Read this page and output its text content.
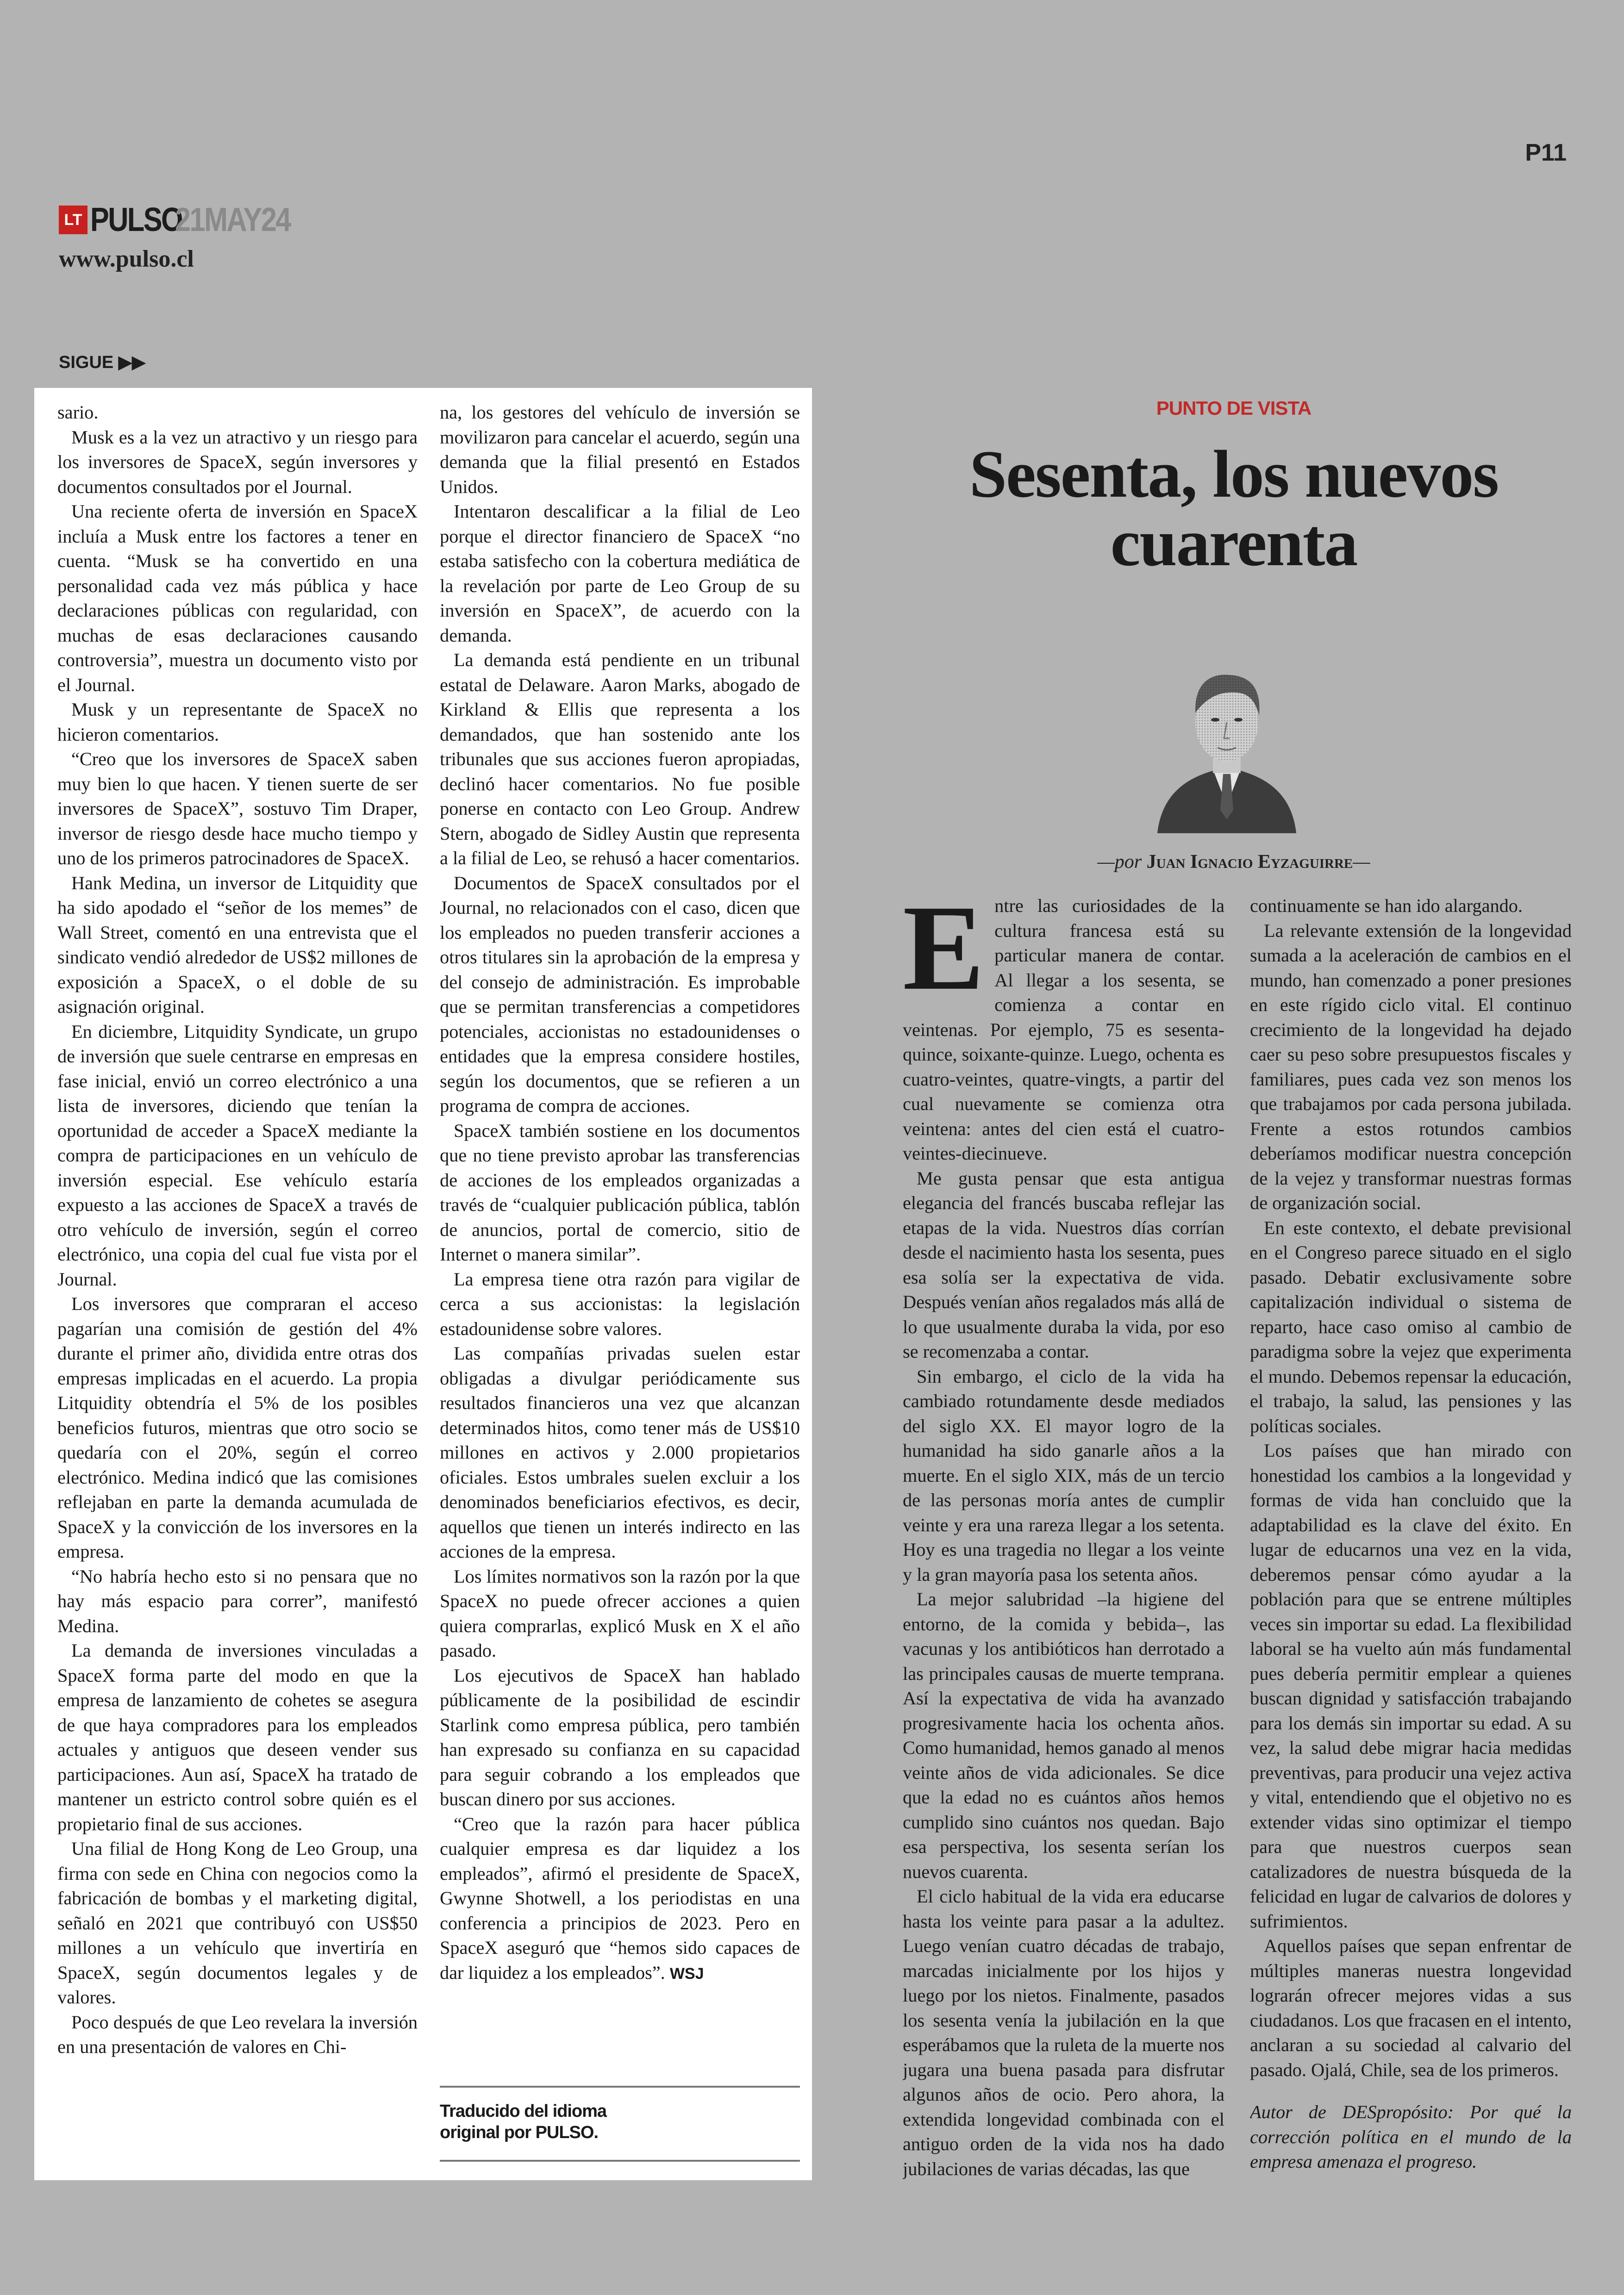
P11
LT PULSO
21MAY24
www.pulso.cl
SIGUE ▶▶

sario.

Musk es a la vez un atractivo y un riesgo para los inversores de SpaceX, según inversores y documentos consultados por el Journal.

Una reciente oferta de inversión en SpaceX incluía a Musk entre los factores a tener en cuenta. “Musk se ha convertido en una personalidad cada vez más pública y hace declaraciones públicas con regularidad, con muchas de esas declaraciones causando controversia”, muestra un documento visto por el Journal.

Musk y un representante de SpaceX no hicieron comentarios.

“Creo que los inversores de SpaceX saben muy bien lo que hacen. Y tienen suerte de ser inversores de SpaceX”, sostuvo Tim Draper, inversor de riesgo desde hace mucho tiempo y uno de los primeros patrocinadores de SpaceX.

Hank Medina, un inversor de Litquidity que ha sido apodado el “señor de los memes” de Wall Street, comentó en una entrevista que el sindicato vendió alrededor de US$2 millones de exposición a SpaceX, o el doble de su asignación original.

En diciembre, Litquidity Syndicate, un grupo de inversión que suele centrarse en empresas en fase inicial, envió un correo electrónico a una lista de inversores, diciendo que tenían la oportunidad de acceder a SpaceX mediante la compra de participaciones en un vehículo de inversión especial. Ese vehículo estaría expuesto a las acciones de SpaceX a través de otro vehículo de inversión, según el correo electrónico, una copia del cual fue vista por el Journal.

Los inversores que compraran el acceso pagarían una comisión de gestión del 4% durante el primer año, dividida entre otras dos empresas implicadas en el acuerdo. La propia Litquidity obtendría el 5% de los posibles beneficios futuros, mientras que otro socio se quedaría con el 20%, según el correo electrónico. Medina indicó que las comisiones reflejaban en parte la demanda acumulada de SpaceX y la convicción de los inversores en la empresa.

“No habría hecho esto si no pensara que no hay más espacio para correr”, manifestó Medina.

La demanda de inversiones vinculadas a SpaceX forma parte del modo en que la empresa de lanzamiento de cohetes se asegura de que haya compradores para los empleados actuales y antiguos que deseen vender sus participaciones. Aun así, SpaceX ha tratado de mantener un estricto control sobre quién es el propietario final de sus acciones.

Una filial de Hong Kong de Leo Group, una firma con sede en China con negocios como la fabricación de bombas y el marketing digital, señaló en 2021 que contribuyó con US$50 millones a un vehículo que invertiría en SpaceX, según documentos legales y de valores.

Poco después de que Leo revelara la inversión en una presentación de valores en Chi-

na, los gestores del vehículo de inversión se movilizaron para cancelar el acuerdo, según una demanda que la filial presentó en Estados Unidos.

Intentaron descalificar a la filial de Leo porque el director financiero de SpaceX “no estaba satisfecho con la cobertura mediática de la revelación por parte de Leo Group de su inversión en SpaceX”, de acuerdo con la demanda.

La demanda está pendiente en un tribunal estatal de Delaware. Aaron Marks, abogado de Kirkland & Ellis que representa a los demandados, que han sostenido ante los tribunales que sus acciones fueron apropiadas, declinó hacer comentarios. No fue posible ponerse en contacto con Leo Group. Andrew Stern, abogado de Sidley Austin que representa a la filial de Leo, se rehusó a hacer comentarios.

Documentos de SpaceX consultados por el Journal, no relacionados con el caso, dicen que los empleados no pueden transferir acciones a otros titulares sin la aprobación de la empresa y del consejo de administración. Es improbable que se permitan transferencias a competidores potenciales, accionistas no estadounidenses o entidades que la empresa considere hostiles, según los documentos, que se refieren a un programa de compra de acciones.

SpaceX también sostiene en los documentos que no tiene previsto aprobar las transferencias de acciones de los empleados organizadas a través de “cualquier publicación pública, tablón de anuncios, portal de comercio, sitio de Internet o manera similar”.

La empresa tiene otra razón para vigilar de cerca a sus accionistas: la legislación estadounidense sobre valores.

Las compañías privadas suelen estar obligadas a divulgar periódicamente sus resultados financieros una vez que alcanzan determinados hitos, como tener más de US$10 millones en activos y 2.000 propietarios oficiales. Estos umbrales suelen excluir a los denominados beneficiarios efectivos, es decir, aquellos que tienen un interés indirecto en las acciones de la empresa.

Los límites normativos son la razón por la que SpaceX no puede ofrecer acciones a quien quiera comprarlas, explicó Musk en X el año pasado.

Los ejecutivos de SpaceX han hablado públicamente de la posibilidad de escindir Starlink como empresa pública, pero también han expresado su confianza en su capacidad para seguir cobrando a los empleados que buscan dinero por sus acciones.

“Creo que la razón para hacer pública cualquier empresa es dar liquidez a los empleados”, afirmó el presidente de SpaceX, Gwynne Shotwell, a los periodistas en una conferencia a principios de 2023. Pero en SpaceX aseguró que “hemos sido capaces de dar liquidez a los empleados”. WSJ

Traducido del idioma
original por PULSO.
PUNTO DE VISTA
Sesenta, los nuevos cuarenta
—por Juan Ignacio Eyzaguirre—

Entre las curiosidades de la cultura francesa está su particular manera de contar. Al llegar a los sesenta, se comienza a contar en veintenas. Por ejemplo, 75 es sesenta-quince, soixante-quinze. Luego, ochenta es cuatro-veintes, quatre-vingts, a partir del cual nuevamente se comienza otra veintena: antes del cien está el cuatro-veintes-diecinueve.

Me gusta pensar que esta antigua elegancia del francés buscaba reflejar las etapas de la vida. Nuestros días corrían desde el nacimiento hasta los sesenta, pues esa solía ser la expectativa de vida. Después venían años regalados más allá de lo que usualmente duraba la vida, por eso se recomenzaba a contar.

Sin embargo, el ciclo de la vida ha cambiado rotundamente desde mediados del siglo XX. El mayor logro de la humanidad ha sido ganarle años a la muerte. En el siglo XIX, más de un tercio de las personas moría antes de cumplir veinte y era una rareza llegar a los setenta. Hoy es una tragedia no llegar a los veinte y la gran mayoría pasa los setenta años.

La mejor salubridad –la higiene del entorno, de la comida y bebida–, las vacunas y los antibióticos han derrotado a las principales causas de muerte temprana. Así la expectativa de vida ha avanzado progresivamente hacia los ochenta años. Como humanidad, hemos ganado al menos veinte años de vida adicionales. Se dice que la edad no es cuántos años hemos cumplido sino cuántos nos quedan. Bajo esa perspectiva, los sesenta serían los nuevos cuarenta.

El ciclo habitual de la vida era educarse hasta los veinte para pasar a la adultez. Luego venían cuatro décadas de trabajo, marcadas inicialmente por los hijos y luego por los nietos. Finalmente, pasados los sesenta venía la jubilación en la que esperábamos que la ruleta de la muerte nos jugara una buena pasada para disfrutar algunos años de ocio. Pero ahora, la extendida longevidad combinada con el antiguo orden de la vida nos ha dado jubilaciones de varias décadas, las que

continuamente se han ido alargando.

La relevante extensión de la longevidad sumada a la aceleración de cambios en el mundo, han comenzado a poner presiones en este rígido ciclo vital. El continuo crecimiento de la longevidad ha dejado caer su peso sobre presupuestos fiscales y familiares, pues cada vez son menos los que trabajamos por cada persona jubilada. Frente a estos rotundos cambios deberíamos modificar nuestra concepción de la vejez y transformar nuestras formas de organización social.

En este contexto, el debate previsional en el Congreso parece situado en el siglo pasado. Debatir exclusivamente sobre capitalización individual o sistema de reparto, hace caso omiso al cambio de paradigma sobre la vejez que experimenta el mundo. Debemos repensar la educación, el trabajo, la salud, las pensiones y las políticas sociales.

Los países que han mirado con honestidad los cambios a la longevidad y formas de vida han concluido que la adaptabilidad es la clave del éxito. En lugar de educarnos una vez en la vida, deberemos pensar cómo ayudar a la población para que se entrene múltiples veces sin importar su edad. La flexibilidad laboral se ha vuelto aún más fundamental pues debería permitir emplear a quienes buscan dignidad y satisfacción trabajando para los demás sin importar su edad. A su vez, la salud debe migrar hacia medidas preventivas, para producir una vejez activa y vital, entendiendo que el objetivo no es extender vidas sino optimizar el tiempo para que nuestros cuerpos sean catalizadores de nuestra búsqueda de la felicidad en lugar de calvarios de dolores y sufrimientos.

Aquellos países que sepan enfrentar de múltiples maneras nuestra longevidad lograrán ofrecer mejores vidas a sus ciudadanos. Los que fracasen en el intento, anclaran a su sociedad al calvario del pasado. Ojalá, Chile, sea de los primeros.

Autor de DESpropósito: Por qué la corrección política en el mundo de la empresa amenaza el progreso.
